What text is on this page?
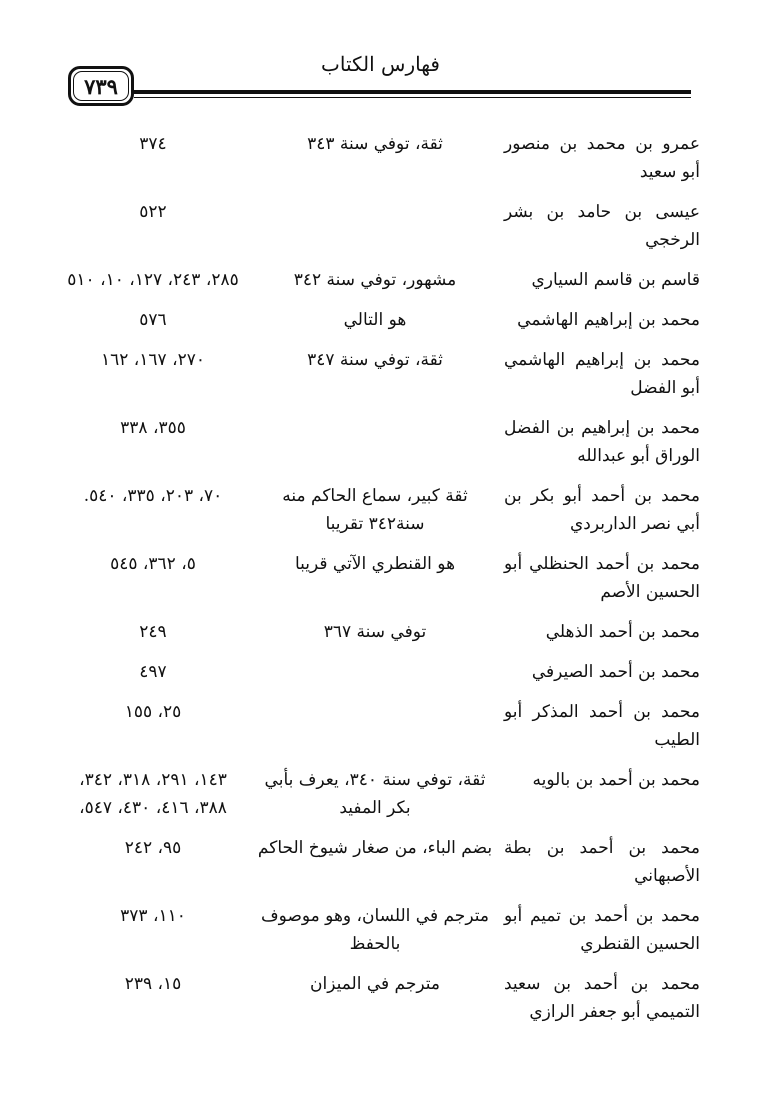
فهارس الكتاب
٧٣٩
عمرو بن محمد بن منصور أبو سعيد
ثقة، توفي سنة ٣٤٣
٣٧٤
عيسى بن حامد بن بشر الرخجي
٥٢٢
قاسم بن قاسم السياري
مشهور، توفي سنة ٣٤٢
٢٨٥، ٢٤٣، ١٢٧، ١٠، ٥١٠
محمد بن إبراهيم الهاشمي
هو التالي
٥٧٦
محمد بن إبراهيم الهاشمي أبو الفضل
ثقة، توفي سنة ٣٤٧
٢٧٠، ١٦٧، ١٦٢
محمد بن إبراهيم بن الفضل الوراق أبو عبدالله
٣٥٥، ٣٣٨
محمد بن أحمد أبو بكر بن أبي نصر الداربردي
ثقة كبير، سماع الحاكم منه سنة٣٤٢ تقريبا
٧٠، ٢٠٣، ٣٣٥، ٥٤٠.
محمد بن أحمد الحنظلي أبو الحسين الأصم
هو القنطري الآتي قريبا
٥، ٣٦٢، ٥٤٥
محمد بن أحمد الذهلي
توفي سنة ٣٦٧
٢٤٩
محمد بن أحمد الصيرفي
٤٩٧
محمد بن أحمد المذكر أبو الطيب
٢٥، ١٥٥
محمد بن أحمد بن بالويه
ثقة، توفي سنة ٣٤٠، يعرف بأبي بكر المفيد
١٤٣، ٢٩١، ٣١٨، ٣٤٢، ٣٨٨، ٤١٦، ٤٣٠، ٥٤٧،
محمد بن أحمد بن بطة الأصبهاني
بضم الباء، من صغار شيوخ الحاكم
٩٥، ٢٤٢
محمد بن أحمد بن تميم أبو الحسين القنطري
مترجم في اللسان، وهو موصوف بالحفظ
١١٠، ٣٧٣
محمد بن أحمد بن سعيد التميمي أبو جعفر الرازي
مترجم في الميزان
١٥، ٢٣٩
